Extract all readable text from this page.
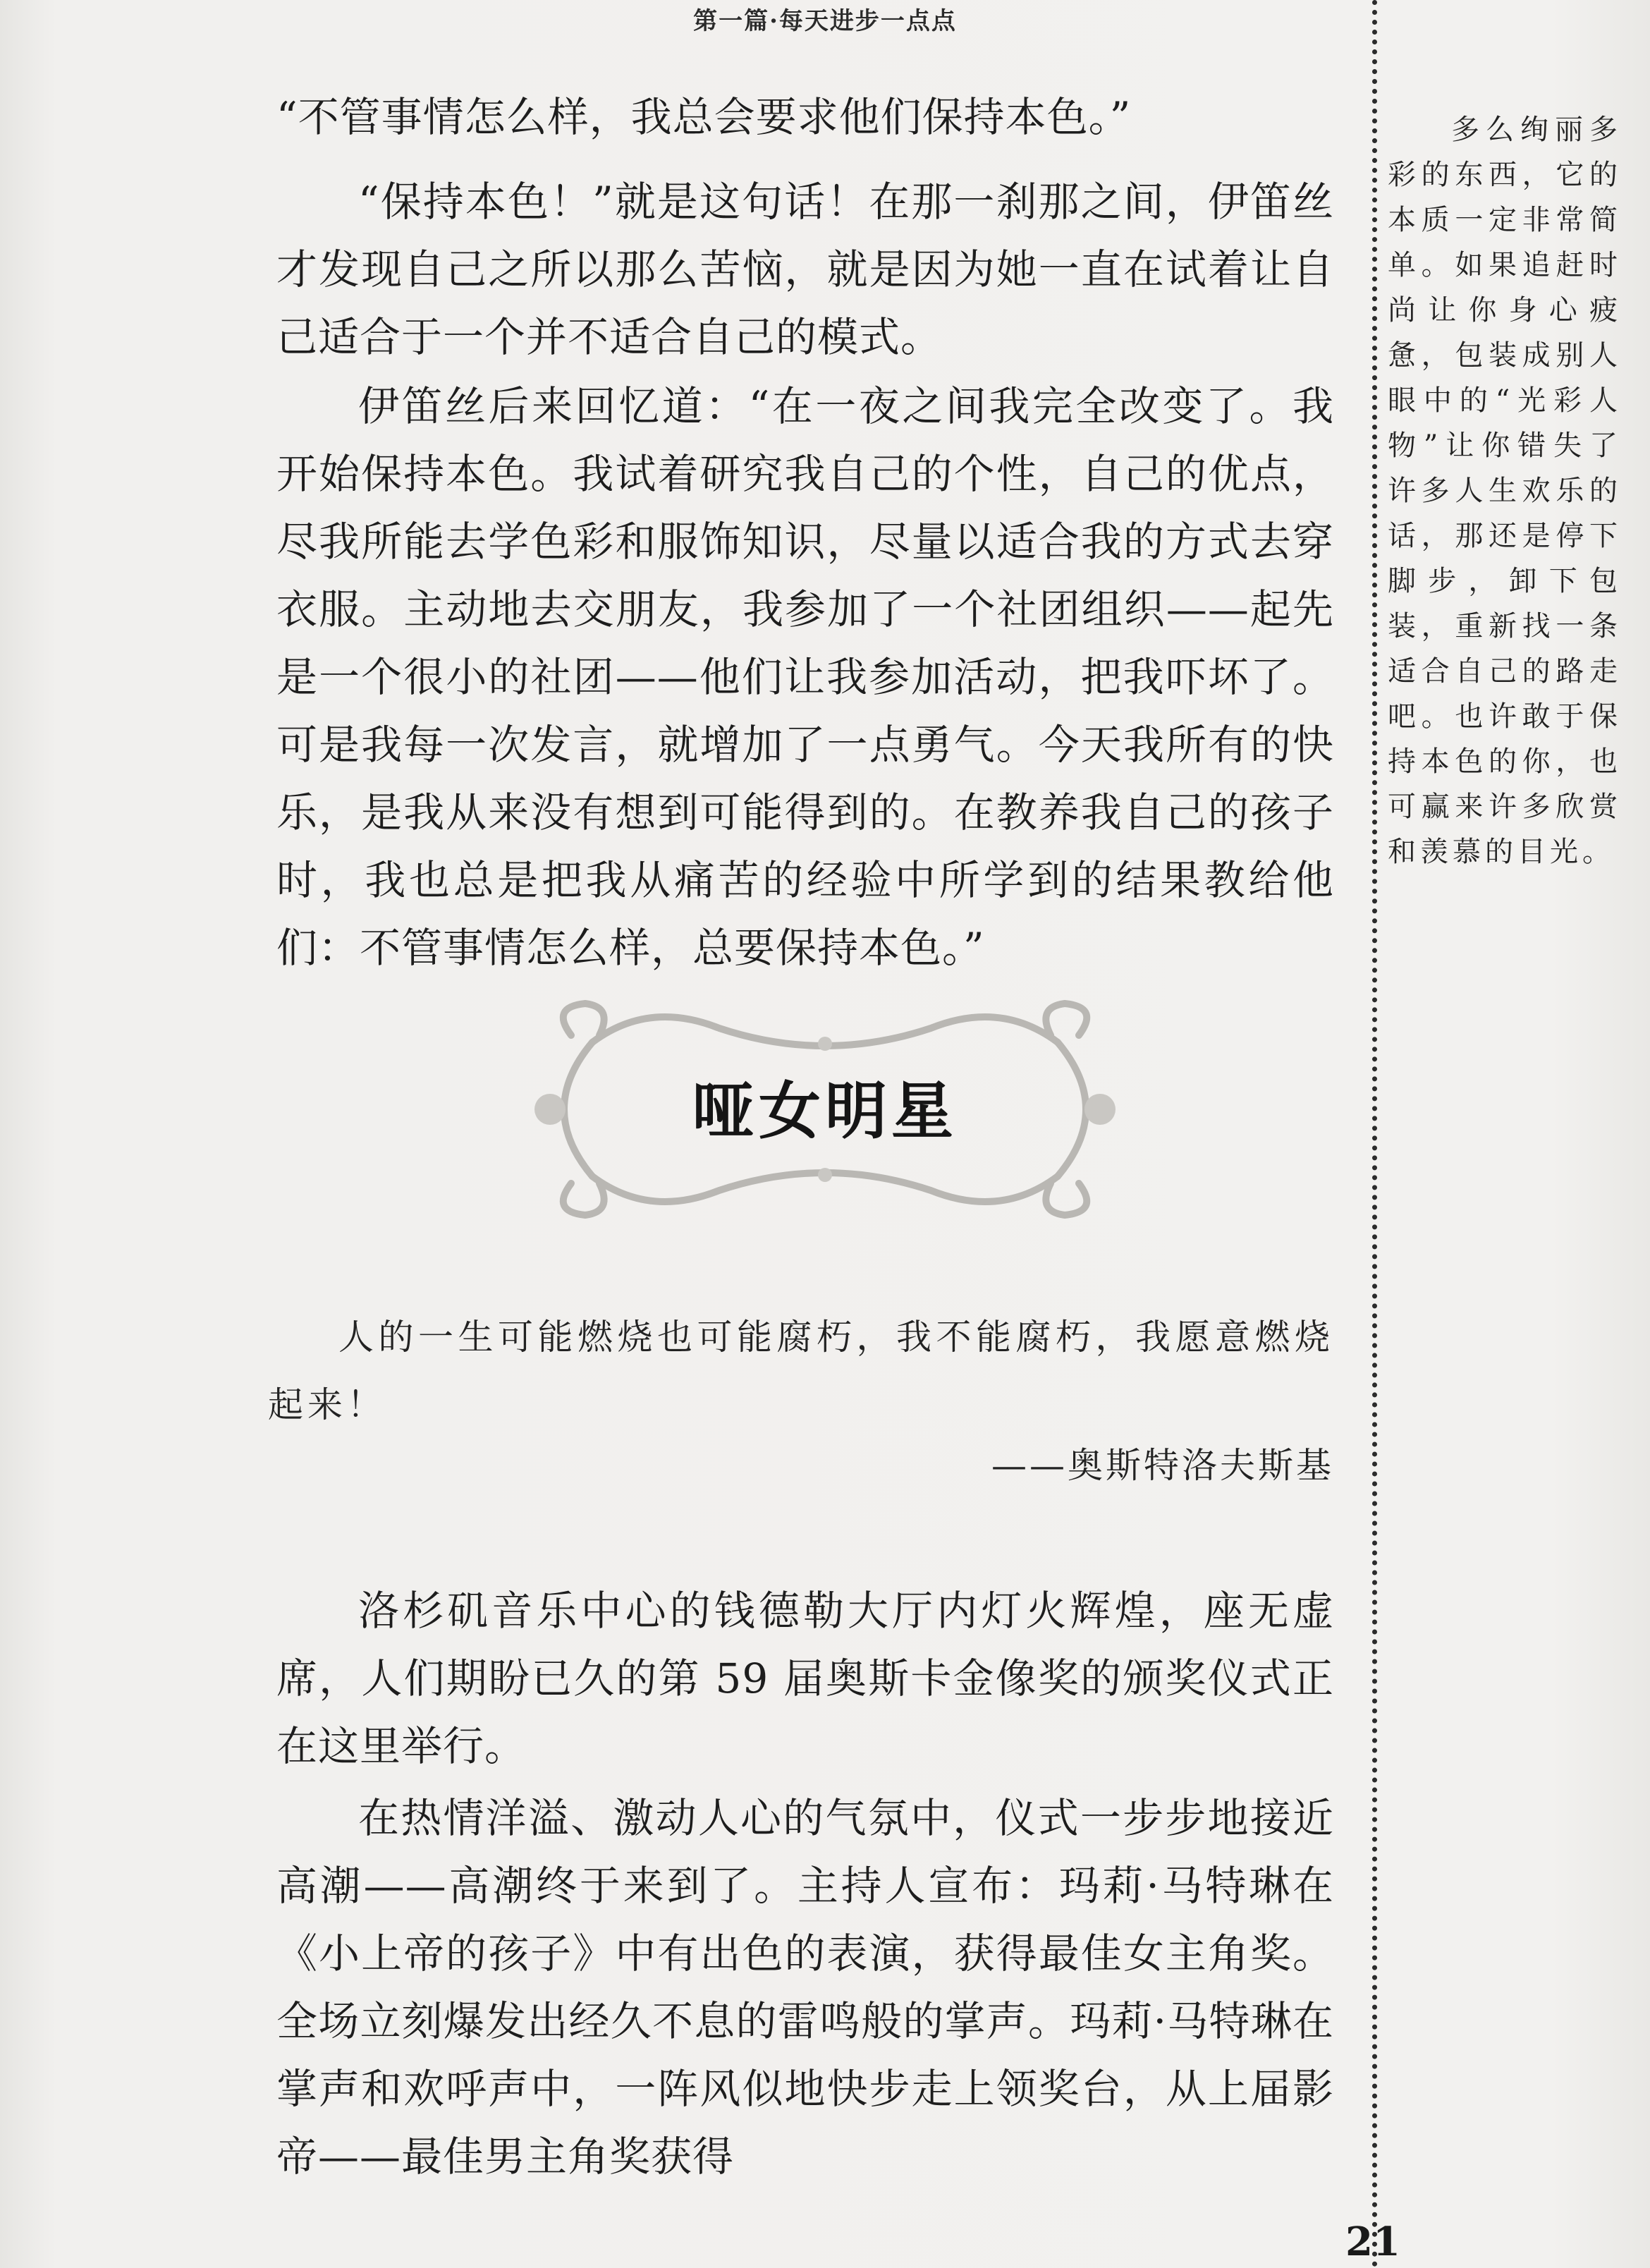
第一篇·每天进步一点点

“不管事情怎么样，我总会要求他们保持本色。”

“保持本色！”就是这句话！在那一刹那之间，伊笛丝才发现自己之所以那么苦恼，就是因为她一直在试着让自己适合于一个并不适合自己的模式。

伊笛丝后来回忆道：“在一夜之间我完全改变了。我开始保持本色。我试着研究我自己的个性，自己的优点，尽我所能去学色彩和服饰知识，尽量以适合我的方式去穿衣服。主动地去交朋友，我参加了一个社团组织——起先是一个很小的社团——他们让我参加活动，把我吓坏了。可是我每一次发言，就增加了一点勇气。今天我所有的快乐，是我从来没有想到可能得到的。在教养我自己的孩子时，我也总是把我从痛苦的经验中所学到的结果教给他们：不管事情怎么样，总要保持本色。”

哑女明星

人的一生可能燃烧也可能腐朽，我不能腐朽，我愿意燃烧起来！

——奥斯特洛夫斯基

洛杉矶音乐中心的钱德勒大厅内灯火辉煌，座无虚席，人们期盼已久的第 59 届奥斯卡金像奖的颁奖仪式正在这里举行。

在热情洋溢、激动人心的气氛中，仪式一步步地接近高潮——高潮终于来到了。主持人宣布：玛莉·马特琳在《小上帝的孩子》中有出色的表演，获得最佳女主角奖。全场立刻爆发出经久不息的雷鸣般的掌声。玛莉·马特琳在掌声和欢呼声中，一阵风似地快步走上领奖台，从上届影帝——最佳男主角奖获得

多么绚丽多彩的东西，它的本质一定非常简单。如果追赶时尚让你身心疲惫，包装成别人眼中的“光彩人物”让你错失了许多人生欢乐的话，那还是停下脚步，卸下包装，重新找一条适合自己的路走吧。也许敢于保持本色的你，也可赢来许多欣赏和羡慕的目光。
21
